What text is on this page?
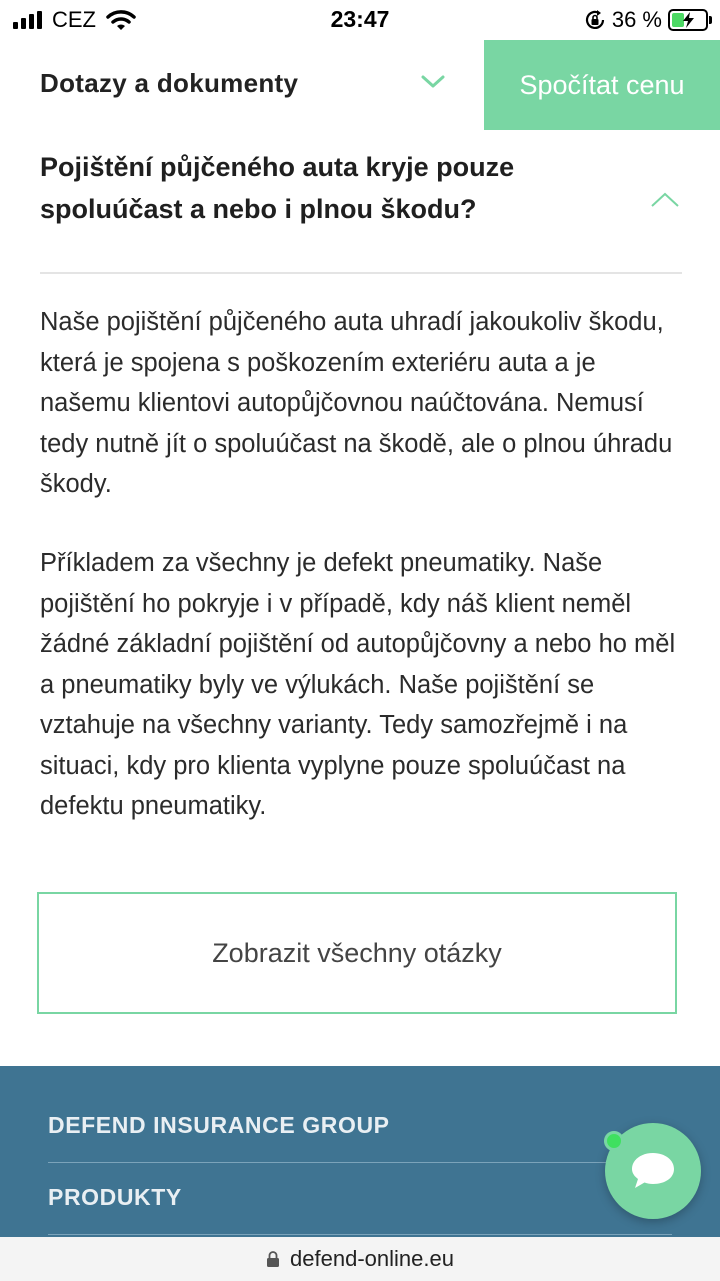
CEZ	23:47	36 %
Dotazy a dokumenty	Spočítat cenu
Pojištění půjčeného auta kryje pouze spoluúčast a nebo i plnou škodu?

Naše pojištění půjčeného auta uhradí jakoukoliv škodu, která je spojena s poškozením exteriéru auta a je našemu klientovi autopůjčovnou naúčtována. Nemusí tedy nutně jít o spoluúčast na škodě, ale o plnou úhradu škody.

Příkladem za všechny je defekt pneumatiky. Naše pojištění ho pokryje i v případě, kdy náš klient neměl žádné základní pojištění od autopůjčovny a nebo ho měl a pneumatiky byly ve výlukách. Naše pojištění se vztahuje na všechny varianty. Tedy samozřejmě i na situaci, kdy pro klienta vyplyne pouze spoluúčast na defektu pneumatiky.

Zobrazit všechny otázky
DEFEND INSURANCE GROUP
PRODUKTY
defend-online.eu
